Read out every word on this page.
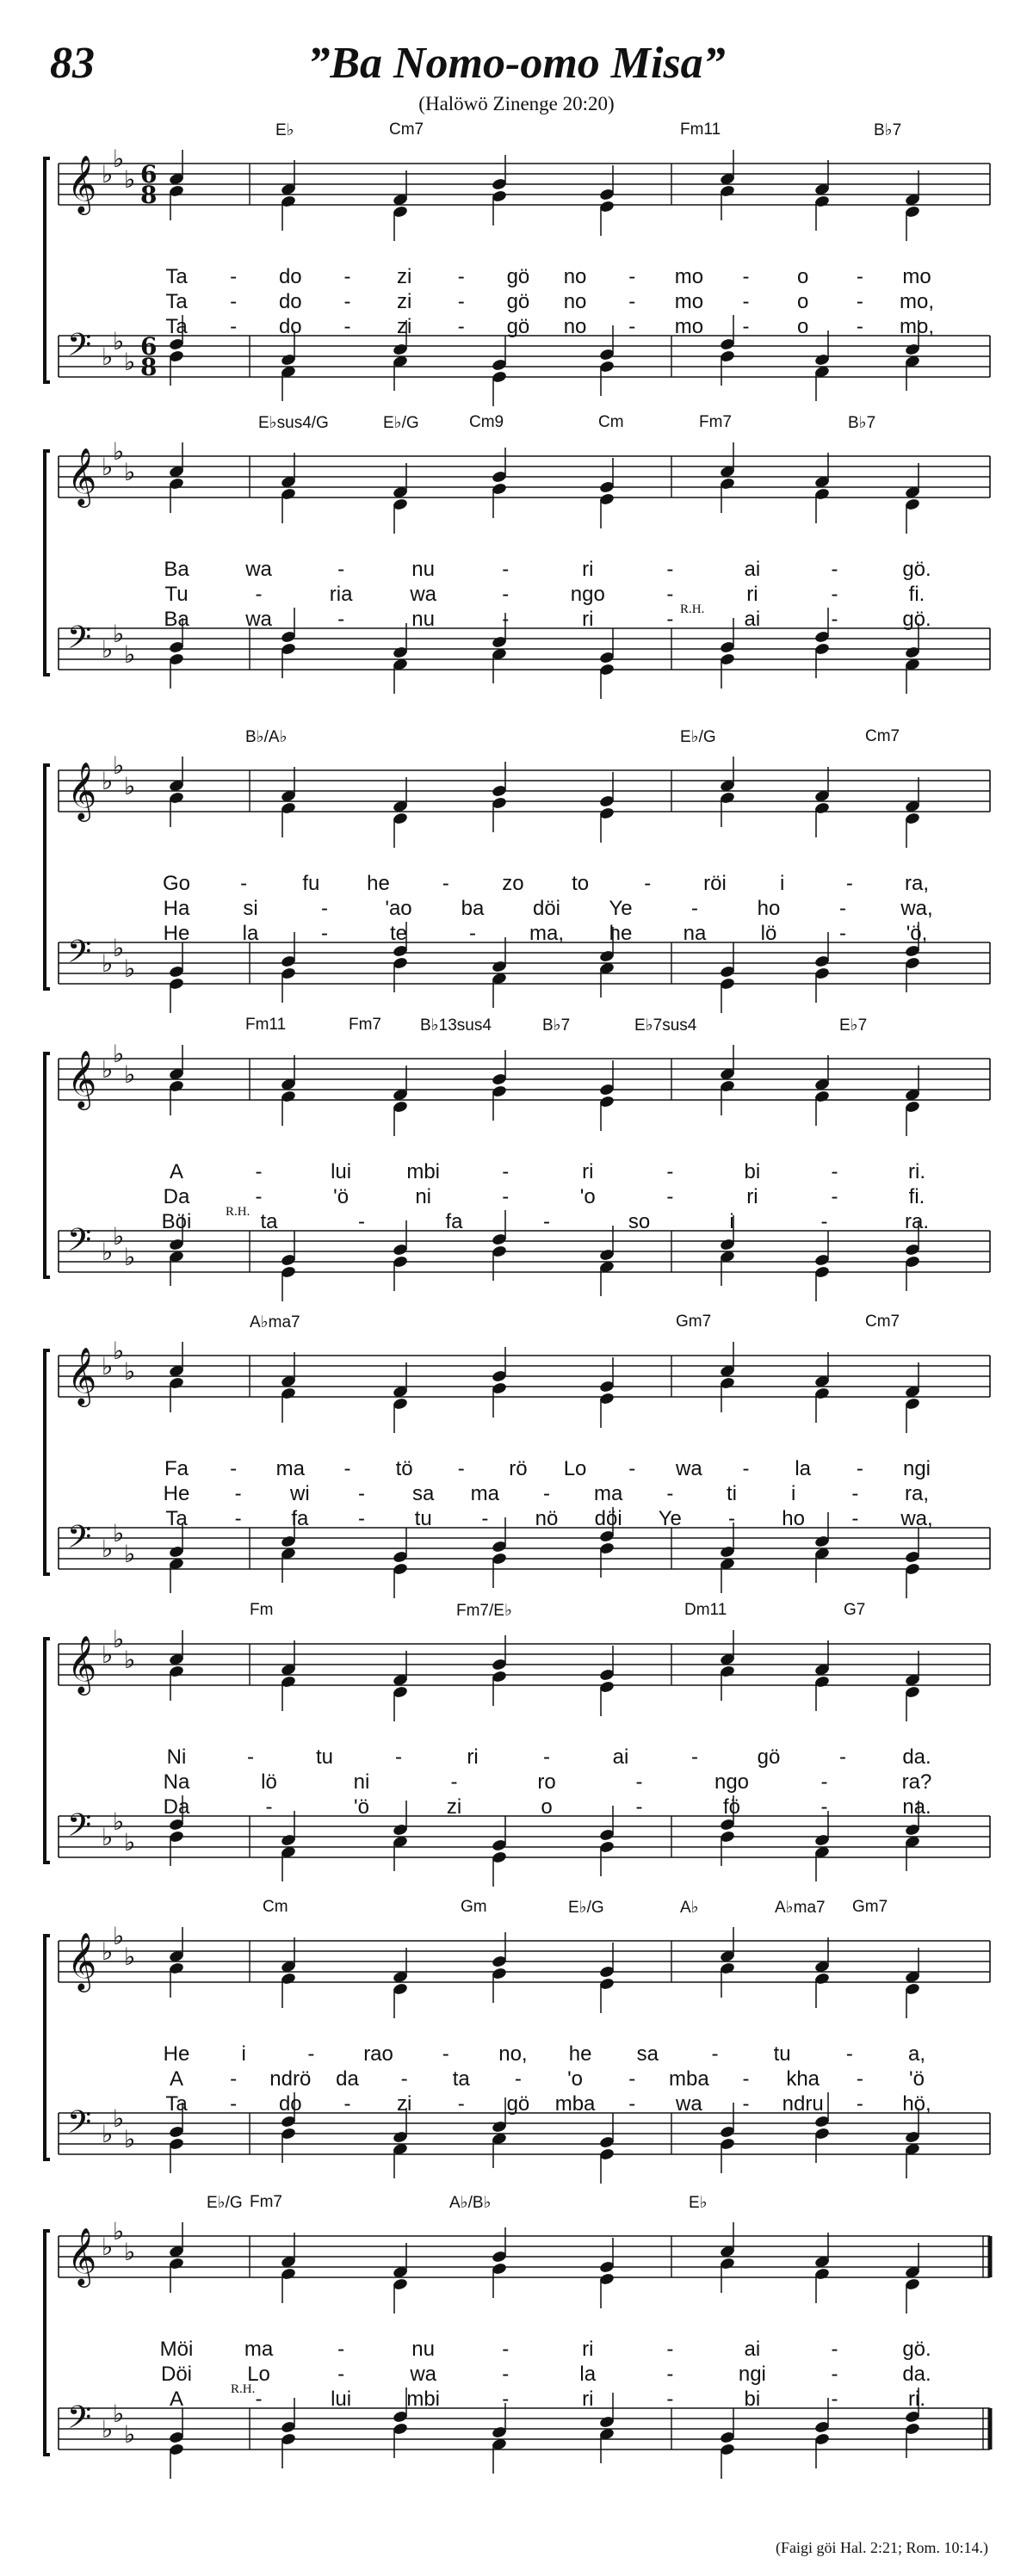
83	”Ba Nomo-omo Misa”
(Halöwö Zinenge 20:20)
𝄞 ♭
♭
♭ 6
8
𝄢 ♭
♭
♭
6
8
E♭	Cm7	Fm11	B♭7
Ta - do - zi - gö no - mo - o - mo
Ta - do - zi - gö no - mo - o - mo,
Ta - do - zi - gö no - mo - o - mo,
𝄞 ♭
♭
♭
𝄢 ♭
♭
♭
E♭sus4/G	E♭/G	Cm9	Cm	Fm7	B♭7
R.H.
Ba	wa	-	nu	-	ri	-	ai	-	gö.
Tu	-	ria	wa	-	ngo	-	ri	-	fi.
Ba	wa	-	nu	-	ri	-	ai	-	gö.
𝄞 ♭
♭
♭
𝄢 ♭
♭
♭
B♭/A♭	E♭/G	Cm7
Go -	fu he	-	zo to	-	röi	i	-	ra,
Ha	si	-	'ao ba döi Ye	-	ho	-	wa,
He	la	-	te	-	ma, he na	lö	-	'ö,
𝄞 ♭
♭
♭
𝄢 ♭
♭
♭
Fm11	Fm7 B♭13sus4	B♭7	E♭7sus4	E♭7
R.H.
A	-	lui	mbi	-	ri	-	bi	-	ri.
Da	-	'ö	ni	-	'o	-	ri	-	fi.
Böi	ta	-	fa	-	so	i	-	ra.
𝄞 ♭
♭
♭
𝄢 ♭
♭
♭
A♭ma7	Gm7	Cm7
Fa - ma - tö - rö Lo - wa - la - ngi
He - wi - sa ma - ma -	ti	i	- ra,
Ta - fa - tu - nö döi Ye - ho - wa,
𝄞 ♭
♭
♭
𝄢 ♭
♭
♭
Fm	Fm7/E♭	Dm11	G7
Ni	-	tu	-	ri	-	ai	-	gö	-	da.
Na	lö	ni	-	ro	-	ngo	-	ra?
Da	-	'ö	zi	o	-	fö	-	na.
𝄞 ♭
♭
♭
𝄢 ♭
♭
♭
Cm	Gm	E♭/G	A♭	A♭ma7 Gm7
He	i	- rao - no, he sa	-	tu	-	a,
A - ndrö da - ta - 'o - mba - kha - 'ö
Ta - do - zi - gö mba - wa - ndru - hö,
𝄞 ♭
♭
♭
𝄢 ♭
♭
♭
E♭/G Fm7	A♭/B♭	E♭
R.H.
Möi ma	-	nu	-	ri	-	ai	-	gö.
Döi	Lo	-	wa	-	la	-	ngi	-	da.
A	-	lui	mbi	-	ri	-	bi	-	ri.
(Faigi göi Hal. 2:21; Rom. 10:14.)
